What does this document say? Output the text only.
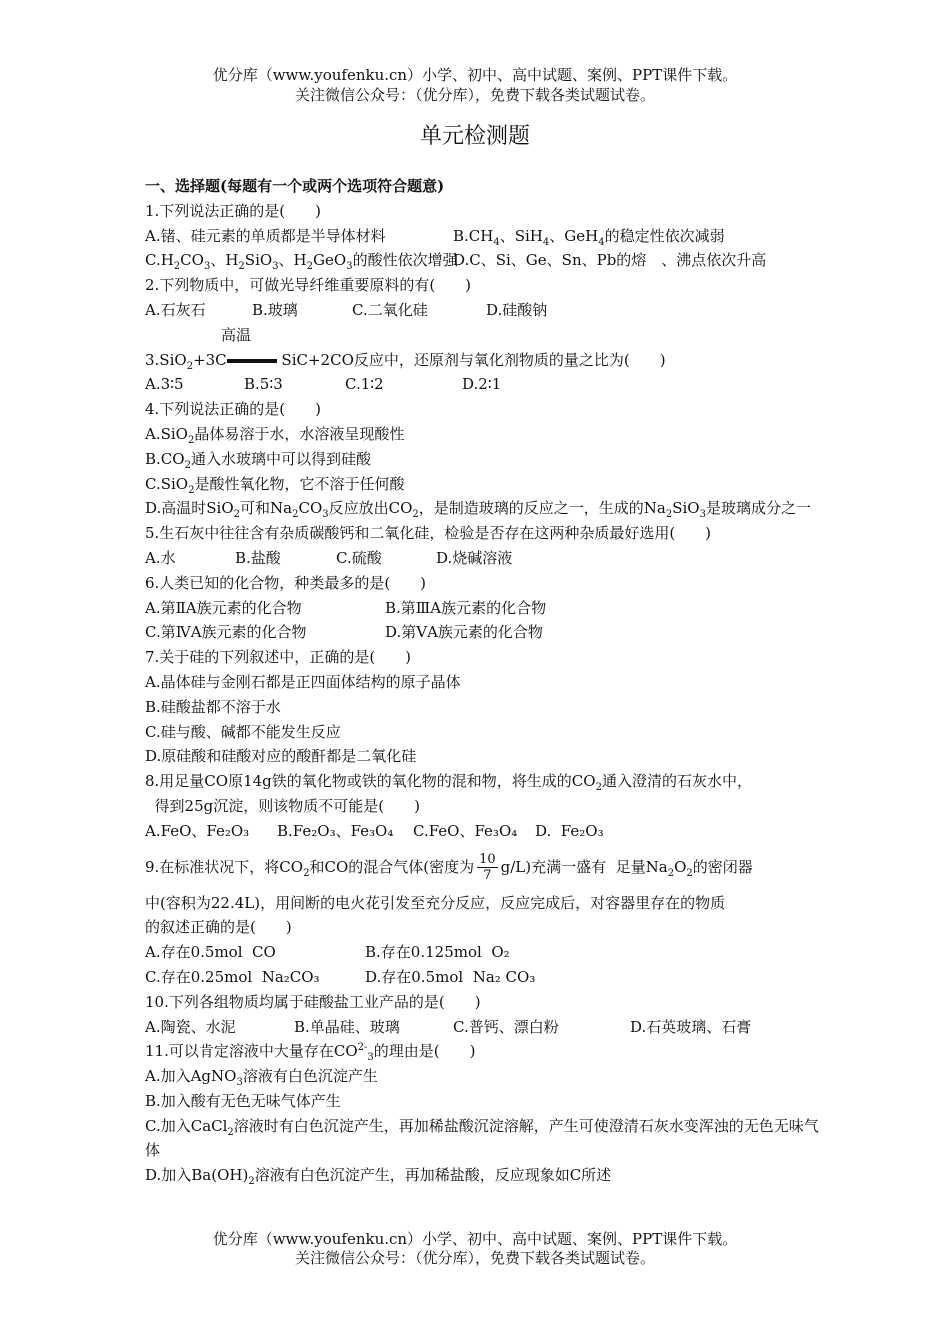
优分库（www.youfenku.cn）小学、初中、高中试题、案例、PPT课件下载。
关注微信公众号：（优分库），免费下载各类试题试卷。
单元检测题
一、选择题(每题有一个或两个选项符合题意)
1.下列说法正确的是(　　)
A.锗、硅元素的单质都是半导体材料	$B.CH_4$、SiH$_4$、GeH$_4$的稳定性依次减弱
$C.H_2CO_3$、$H_2SiO_3$、$H_2GeO_3$的酸性依次增强
D.C、Si、Ge、Sn、Pb的熔　、沸点依次升高
2.下列物质中，可做光导纤维重要原料的有(　　)
A.石灰石	B.玻璃	C.二氧化硅	D.硅酸钠
高温
3.SiO$_2$+3C	SiC+2CO反应中，还原剂与氧化剂物质的量之比为(　　)
A.3∶5	B.5∶3	C.1∶2	D.2∶1
4.下列说法正确的是(　　)
A.SiO$_2$晶体易溶于水，水溶液呈现酸性
$B.CO_2$通入水玻璃中可以得到硅酸
C.SiO$_2$是酸性氧化物，它不溶于任何酸
D.高温时SiO$_2$可和$Na_2CO_3$反应放出$CO_2$，是制造玻璃的反应之一，生成的$Na_2SiO_3$是玻璃成分之一
5.生石灰中往往含有杂质碳酸钙和二氧化硅，检验是否存在这两种杂质最好选用(　　)
A.水	B.盐酸	C.硫酸	D.烧碱溶液
6.人类已知的化合物，种类最多的是(　　)
A.第ⅡA族元素的化合物	B.第ⅢA族元素的化合物
C.第ⅣA族元素的化合物	D.第ⅤA族元素的化合物
7.关于硅的下列叙述中，正确的是(　　)
A.晶体硅与金刚石都是正四面体结构的原子晶体
B.硅酸盐都不溶于水
C.硅与酸、碱都不能发生反应
D.原硅酸和硅酸对应的酸酐都是二氧化硅
8.用足量CO原14g铁的氧化物或铁的氧化物的混和物，将生成的$CO_2$通入澄清的石灰水中，
得到25g沉淀，则该物质不可能是(　　)
A.FeO、Fe₂O₃	B.Fe₂O₃、Fe₃O₄	C.FeO、Fe₃O₄	D.  Fe₂O₃
9.在标准状况下，将$CO_2$和CO的混合气体(密度为 $\frac{10}{7} g/L$)充满一盛有  足量$Na_2O_2$的密闭器
中(容积为22.4L)，用间断的电火花引发至充分反应，反应完成后，对容器里存在的物质
的叙述正确的是(　　)
A.存在0.5mol  CO	B.存在0.125mol  O₂
C.存在0.25mol  Na₂CO₃	D.存在0.5mol  Na₂ CO₃
10.下列各组物质均属于硅酸盐工业产品的是(　　)
A.陶瓷、水泥	B.单晶硅、玻璃	C.普钙、漂白粉	D.石英玻璃、石膏
11.可以肯定溶液中大量存在$CO^{2-}_3$的理由是(　　)
A.加入AgNO$_3$溶液有白色沉淀产生
B.加入酸有无色无味气体产生
C.加入CaCl$_2$溶液时有白色沉淀产生，再加稀盐酸沉淀溶解，产生可使澄清石灰水变浑浊的无色无味气体
D.加入$Ba(OH)_2$溶液有白色沉淀产生，再加稀盐酸，反应现象如C所述
优分库（www.youfenku.cn）小学、初中、高中试题、案例、PPT课件下载。
关注微信公众号：（优分库），免费下载各类试题试卷。
